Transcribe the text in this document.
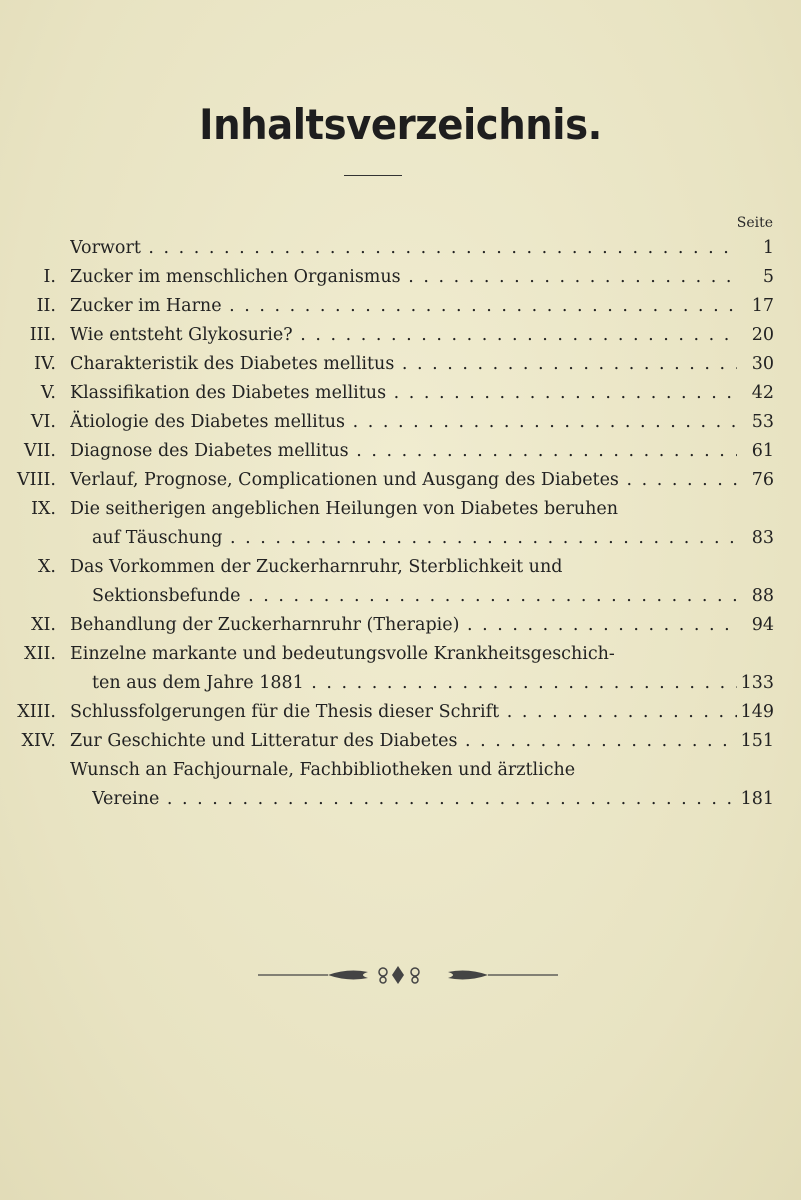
Inhaltsverzeichnis.
Seite
Vorwort . . .	1
I. Zucker im menschlichen Organismus . . .	5
II. Zucker im Harne . . .	17
III. Wie entsteht Glykosurie? . . .	20
IV. Charakteristik des Diabetes mellitus . . .	30
V. Klassifikation des Diabetes mellitus . . .	42
VI. Ätiologie des Diabetes mellitus . . .	53
VII. Diagnose des Diabetes mellitus . . .	61
VIII. Verlauf, Prognose, Complicationen und Ausgang des Diabetes . . .	76
IX. Die seitherigen angeblichen Heilungen von Diabetes beruhen
auf Täuschung . . .	83
X. Das Vorkommen der Zuckerharnruhr, Sterblichkeit und
Sektionsbefunde . . .	88
XI. Behandlung der Zuckerharnruhr (Therapie) . . .	94
XII. Einzelne markante und bedeutungsvolle Krankheitsgeschich-
ten aus dem Jahre 1881 . . .	133
XIII. Schlussfolgerungen für die Thesis dieser Schrift . . .	149
XIV. Zur Geschichte und Litteratur des Diabetes . . .	151
Wunsch an Fachjournale, Fachbibliotheken und ärztliche
Vereine . . .	181
